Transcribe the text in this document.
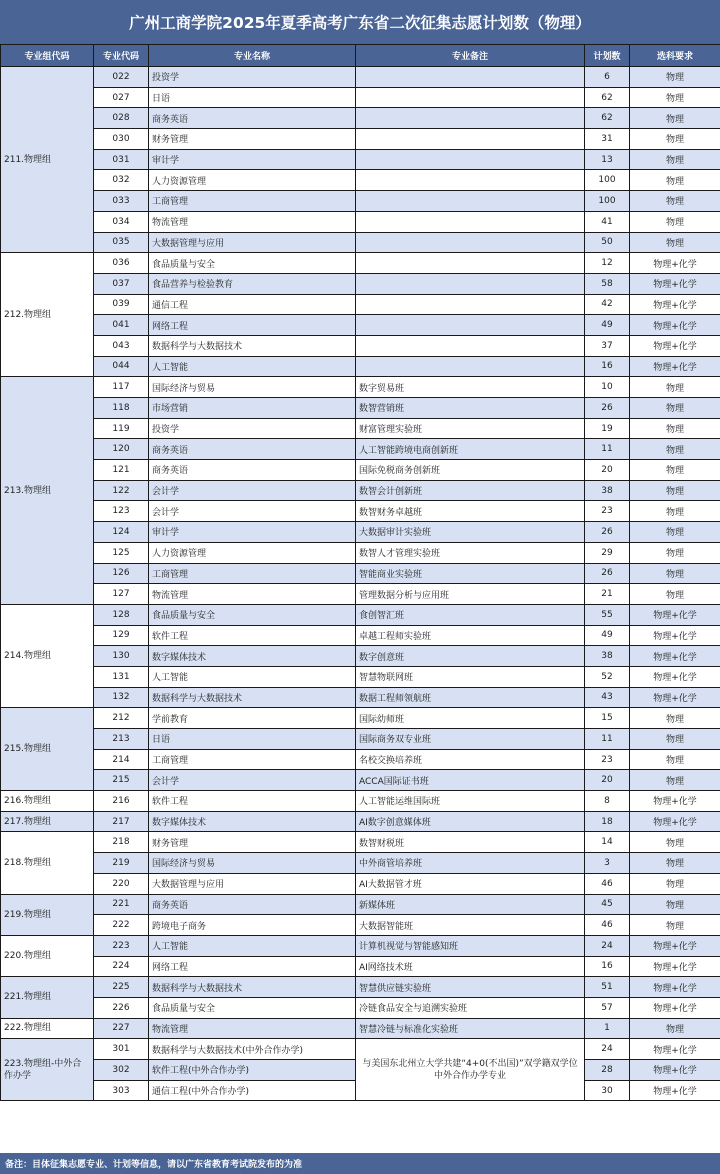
广州工商学院2025年夏季高考广东省二次征集志愿计划数（物理）
专业组代码	专业代码	专业名称	专业备注	计划数	选科要求
211.物理组	022	投资学		6	物理
	027	日语		62	物理
	028	商务英语		62	物理
	030	财务管理		31	物理
	031	审计学		13	物理
	032	人力资源管理		100	物理
	033	工商管理		100	物理
	034	物流管理		41	物理
	035	大数据管理与应用		50	物理
212.物理组	036	食品质量与安全		12	物理+化学
	037	食品营养与检验教育		58	物理+化学
	039	通信工程		42	物理+化学
	041	网络工程		49	物理+化学
	043	数据科学与大数据技术		37	物理+化学
	044	人工智能		16	物理+化学
213.物理组	117	国际经济与贸易	数字贸易班	10	物理
	118	市场营销	数智营销班	26	物理
	119	投资学	财富管理实验班	19	物理
	120	商务英语	人工智能跨境电商创新班	11	物理
	121	商务英语	国际免税商务创新班	20	物理
	122	会计学	数智会计创新班	38	物理
	123	会计学	数智财务卓越班	23	物理
	124	审计学	大数据审计实验班	26	物理
	125	人力资源管理	数智人才管理实验班	29	物理
	126	工商管理	智能商业实验班	26	物理
	127	物流管理	管理数据分析与应用班	21	物理
214.物理组	128	食品质量与安全	食创智汇班	55	物理+化学
	129	软件工程	卓越工程师实验班	49	物理+化学
	130	数字媒体技术	数字创意班	38	物理+化学
	131	人工智能	智慧物联网班	52	物理+化学
	132	数据科学与大数据技术	数据工程师领航班	43	物理+化学
215.物理组	212	学前教育	国际幼师班	15	物理
	213	日语	国际商务双专业班	11	物理
	214	工商管理	名校交换培养班	23	物理
	215	会计学	ACCA国际证书班	20	物理
216.物理组	216	软件工程	人工智能运维国际班	8	物理+化学
217.物理组	217	数字媒体技术	AI数字创意媒体班	18	物理+化学
218.物理组	218	财务管理	数智财税班	14	物理
	219	国际经济与贸易	中外商管培养班	3	物理
	220	大数据管理与应用	AI大数据管才班	46	物理
219.物理组	221	商务英语	新媒体班	45	物理
	222	跨境电子商务	大数据智能班	46	物理
220.物理组	223	人工智能	计算机视觉与智能感知班	24	物理+化学
	224	网络工程	AI网络技术班	16	物理+化学
221.物理组	225	数据科学与大数据技术	智慧供应链实验班	51	物理+化学
	226	食品质量与安全	冷链食品安全与追溯实验班	57	物理+化学
222.物理组	227	物流管理	智慧冷链与标准化实验班	1	物理
223.物理组-中外合作办学	301	数据科学与大数据技术(中外合作办学)	与美国东北州立大学共建“4+0(不出国)”双学籍双学位中外合作办学专业	24	物理+化学
	302	软件工程(中外合作办学)		28	物理+化学
	303	通信工程(中外合作办学)		30	物理+化学
备注：目体征集志愿专业、计划等信息，请以广东省教育考试院发布的为准
